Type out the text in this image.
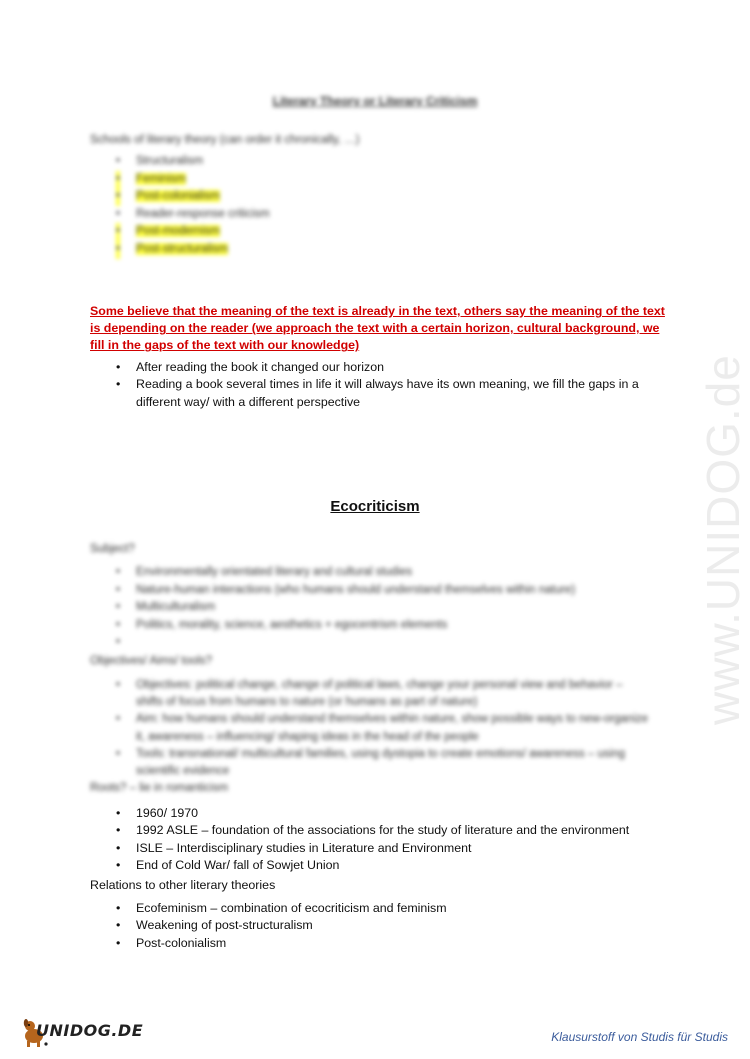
www.UNIDOG.de
Literary Theory or Literary Criticism
Schools of literary theory (can order it chronically, …)
• Structuralism
• Feminism
• Post-colonialism
• Reader-response criticism
• Post-modernism
• Post-structuralism
Some believe that the meaning of the text is already in the text, others say the meaning of the text is depending on the reader (we approach the text with a certain horizon, cultural background, we fill in the gaps of the text with our knowledge)
• After reading the book it changed our horizon
• Reading a book several times in life it will always have its own meaning, we fill the gaps in a different way/ with a different perspective
Ecocriticism
Subject?
• Environmentally orientated literary and cultural studies
• Nature-human interactions (who humans should understand themselves within nature)
• Multiculturalism
• Politics, morality, science, aesthetics + egocentrism elements
•
Objectives/ Aims/ tools?
• Objectives: political change, change of political laws, change your personal view and behavior – shifts of focus from humans to nature (or humans as part of nature)
• Aim: how humans should understand themselves within nature, show possible ways to new-organize it, awareness – influencing/ shaping ideas in the head of the people
• Tools: transnational/ multicultural families, using dystopia to create emotions/ awareness – using scientific evidence
Roots? – lie in romanticism
• 1960/ 1970
• 1992 ASLE – foundation of the associations for the study of literature and the environment
• ISLE – Interdisciplinary studies in Literature and Environment
• End of Cold War/ fall of Sowjet Union
Relations to other literary theories
• Ecofeminism – combination of ecocriticism and feminism
• Weakening of post-structuralism
• Post-colonialism
UNIDOG.DE	Klausurstoff von Studis für Studis
